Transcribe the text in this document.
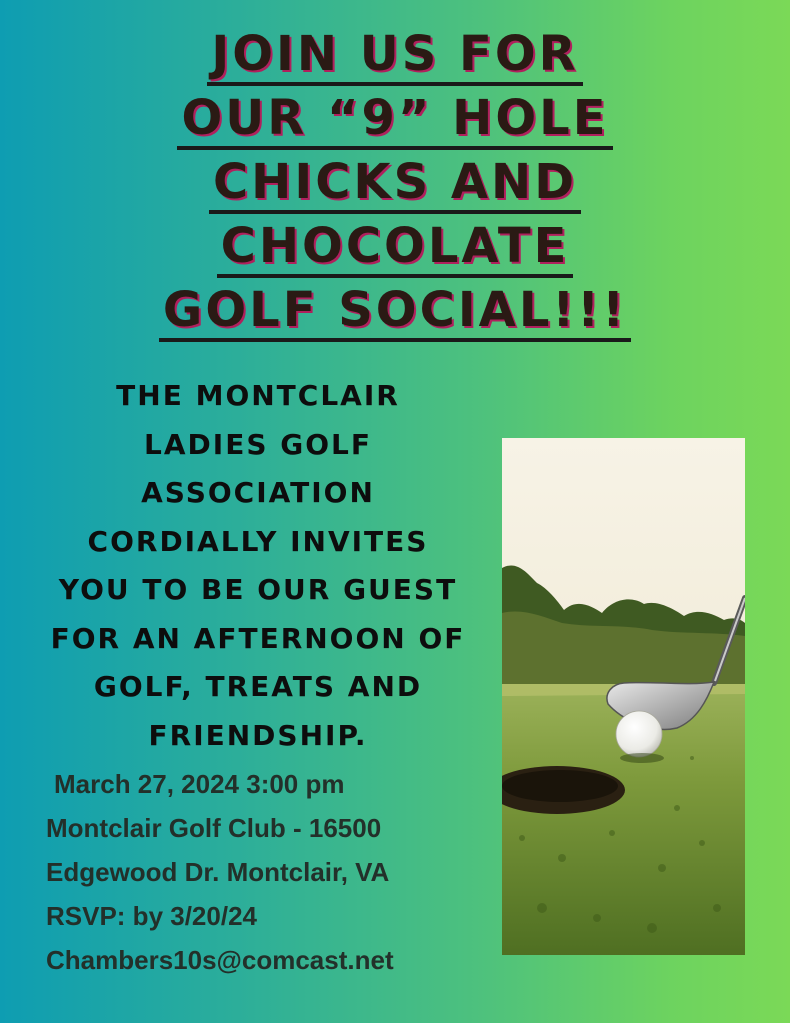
JOIN US FOR
OUR “9” HOLE
CHICKS AND
CHOCOLATE
GOLF SOCIAL!!!
THE MONTCLAIR
LADIES GOLF
ASSOCIATION
CORDIALLY INVITES
YOU TO BE OUR GUEST
FOR AN AFTERNOON OF
GOLF, TREATS AND
FRIENDSHIP.
March 27, 2024 3:00 pm
Montclair Golf Club - 16500
Edgewood Dr. Montclair, VA
RSVP: by 3/20/24
Chambers10s@comcast.net
